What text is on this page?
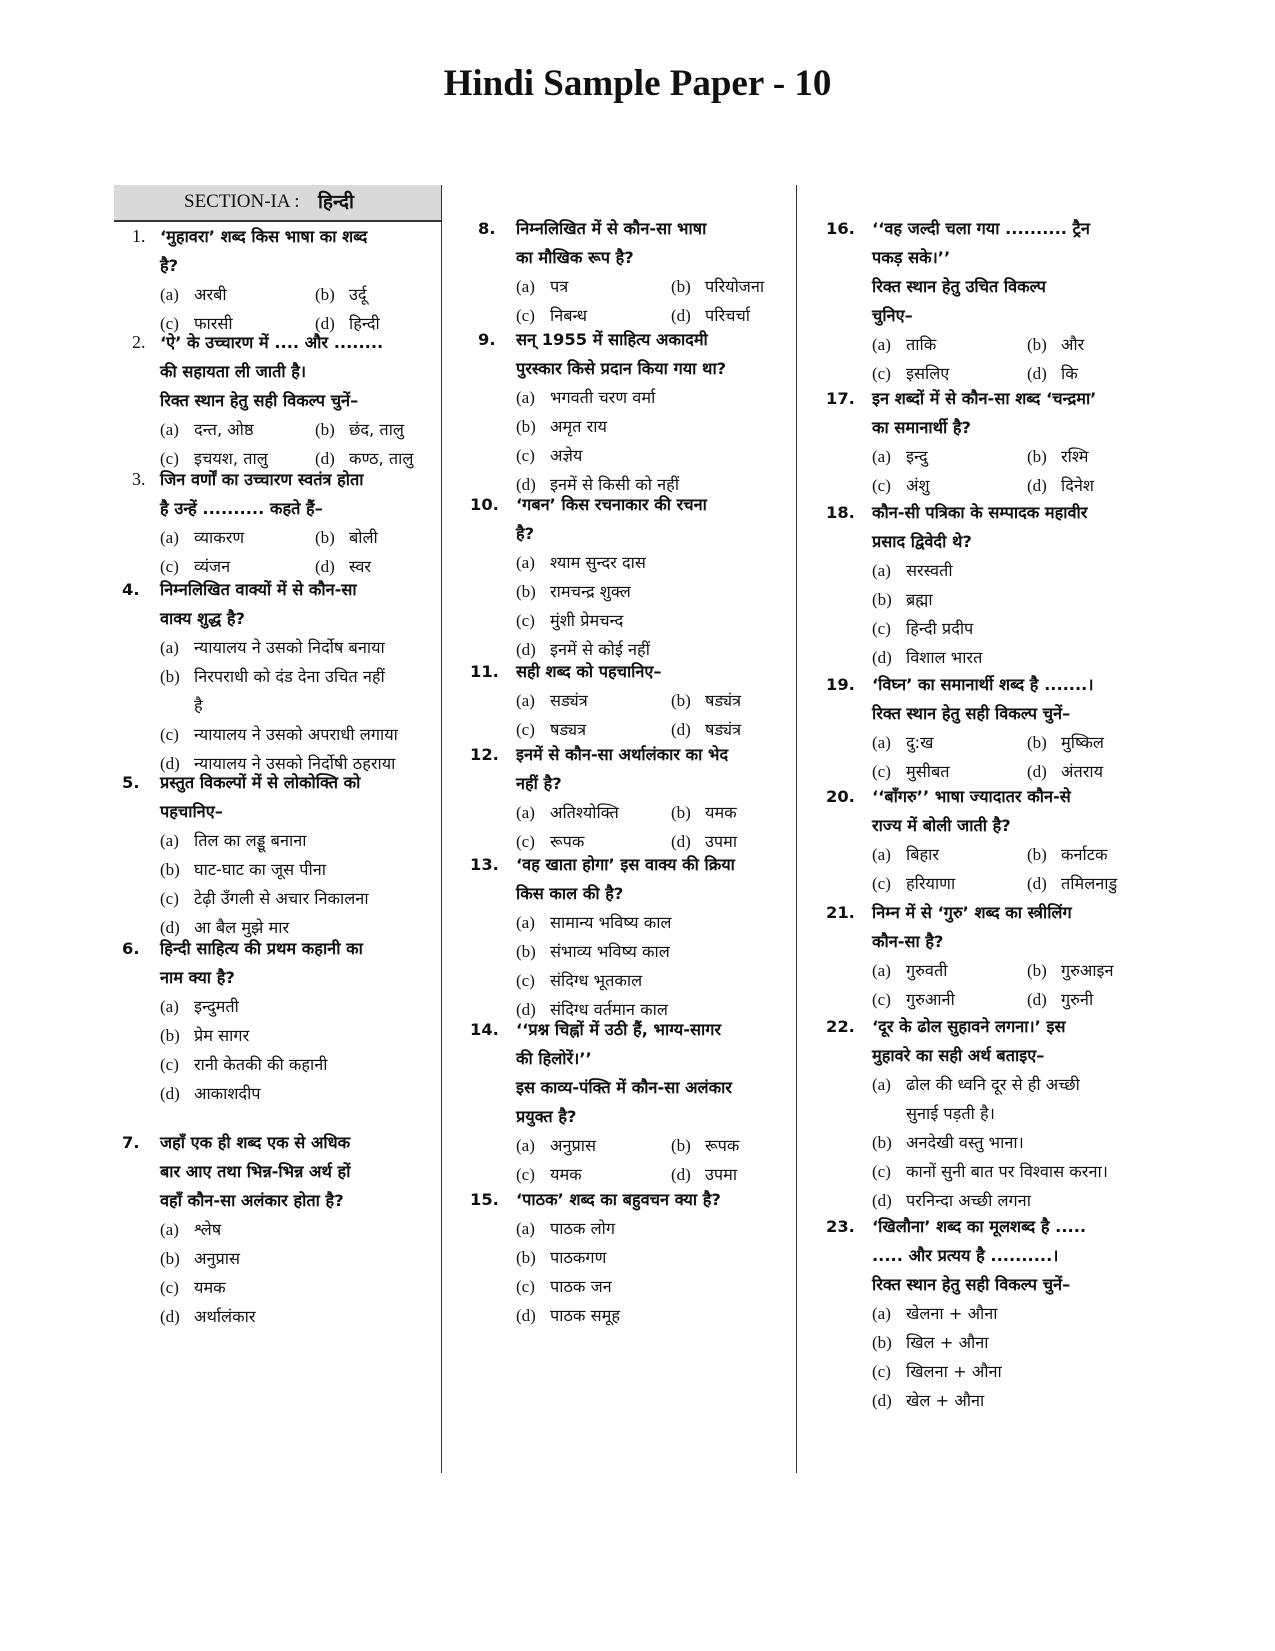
Hindi Sample Paper - 10
SECTION-IA : हिन्दी
1. ‘मुहावरा’ शब्द किस भाषा का शब्द
है?
(a) अरबी	(b) उर्दू
(c) फारसी	(d) हिन्दी
2. ‘ऐ’ के उच्चारण में .... और ........
की सहायता ली जाती है।
रिक्त स्थान हेतु सही विकल्प चुनें–
(a) दन्त, ओष्ठ	(b) छंद, तालु
(c) इचयश, तालु	(d) कण्ठ, तालु
3. जिन वर्णों का उच्चारण स्वतंत्र होता
है उन्हें .......... कहते हैं–
(a) व्याकरण	(b) बोली
(c) व्यंजन	(d) स्वर
4. निम्नलिखित वाक्यों में से कौन-सा
वाक्य शुद्ध है?
(a) न्यायालय ने उसको निर्दोष बनाया
(b) निरपराधी को दंड देना उचित नहीं
है
(c) न्यायालय ने उसको अपराधी लगाया
(d) न्यायालय ने उसको निर्दोषी ठहराया
5. प्रस्तुत विकल्पों में से लोकोक्ति को
पहचानिए–
(a) तिल का लड्डू बनाना
(b) घाट-घाट का जूस पीना
(c) टेढ़ी उँगली से अचार निकालना
(d) आ बैल मुझे मार
6. हिन्दी साहित्य की प्रथम कहानी का
नाम क्या है?
(a) इन्दुमती
(b) प्रेम सागर
(c) रानी केतकी की कहानी
(d) आकाशदीप
7. जहाँ एक ही शब्द एक से अधिक
बार आए तथा भिन्न-भिन्न अर्थ हों
वहाँ कौन-सा अलंकार होता है?
(a) श्लेष
(b) अनुप्रास
(c) यमक
(d) अर्थालंकार
8. निम्नलिखित में से कौन-सा भाषा
का मौखिक रूप है?
(a) पत्र	(b) परियोजना
(c) निबन्ध	(d) परिचर्चा
9. सन् 1955 में साहित्य अकादमी
पुरस्कार किसे प्रदान किया गया था?
(a) भगवती चरण वर्मा
(b) अमृत राय
(c) अज्ञेय
(d) इनमें से किसी को नहीं
10. ‘गबन’ किस रचनाकार की रचना
है?
(a) श्याम सुन्दर दास
(b) रामचन्द्र शुक्ल
(c) मुंशी प्रेमचन्द
(d) इनमें से कोई नहीं
11. सही शब्द को पहचानिए–
(a) सड्यंत्र	(b) षड्यंत्र
(c) षड्यत्र	(d) षड्यंत्र
12. इनमें से कौन-सा अर्थालंकार का भेद
नहीं है?
(a) अतिश्योक्ति	(b) यमक
(c) रूपक	(d) उपमा
13. ‘वह खाता होगा’ इस वाक्य की क्रिया
किस काल की है?
(a) सामान्य भविष्य काल
(b) संभाव्य भविष्य काल
(c) संदिग्ध भूतकाल
(d) संदिग्ध वर्तमान काल
14. ‘‘प्रश्न चिह्नों में उठी हैं, भाग्य-सागर
की हिलोरें।’’
इस काव्य-पंक्ति में कौन-सा अलंकार
प्रयुक्त है?
(a) अनुप्रास	(b) रूपक
(c) यमक	(d) उपमा
15. ‘पाठक’ शब्द का बहुवचन क्या है?
(a) पाठक लोग
(b) पाठकगण
(c) पाठक जन
(d) पाठक समूह
16. ‘‘वह जल्दी चला गया .......... ट्रैन
पकड़ सके।’’
रिक्त स्थान हेतु उचित विकल्प
चुनिए–
(a) ताकि	(b) और
(c) इसलिए	(d) कि
17. इन शब्दों में से कौन-सा शब्द ‘चन्द्रमा’
का समानार्थी है?
(a) इन्दु	(b) रश्मि
(c) अंशु	(d) दिनेश
18. कौन-सी पत्रिका के सम्पादक महावीर
प्रसाद द्विवेदी थे?
(a) सरस्वती
(b) ब्रह्मा
(c) हिन्दी प्रदीप
(d) विशाल भारत
19. ‘विघ्न’ का समानार्थी शब्द है .......।
रिक्त स्थान हेतु सही विकल्प चुनें–
(a) दु:ख	(b) मुष्किल
(c) मुसीबत	(d) अंतराय
20. ‘‘बाँगरु’’ भाषा ज्यादातर कौन-से
राज्य में बोली जाती है?
(a) बिहार	(b) कर्नाटक
(c) हरियाणा	(d) तमिलनाडु
21. निम्न में से ‘गुरु’ शब्द का स्त्रीलिंग
कौन-सा है?
(a) गुरुवती	(b) गुरुआइन
(c) गुरुआनी	(d) गुरुनी
22. ‘दूर के ढोल सुहावने लगना।’ इस
मुहावरे का सही अर्थ बताइए–
(a) ढोल की ध्वनि दूर से ही अच्छी
सुनाई पड़ती है।
(b) अनदेखी वस्तु भाना।
(c) कानों सुनी बात पर विश्वास करना।
(d) परनिन्दा अच्छी लगना
23. ‘खिलौना’ शब्द का मूलशब्द है .....
..... और प्रत्यय है ..........।
रिक्त स्थान हेतु सही विकल्प चुनें–
(a) खेलना + औना
(b) खिल + औना
(c) खिलना + औना
(d) खेल + औना
